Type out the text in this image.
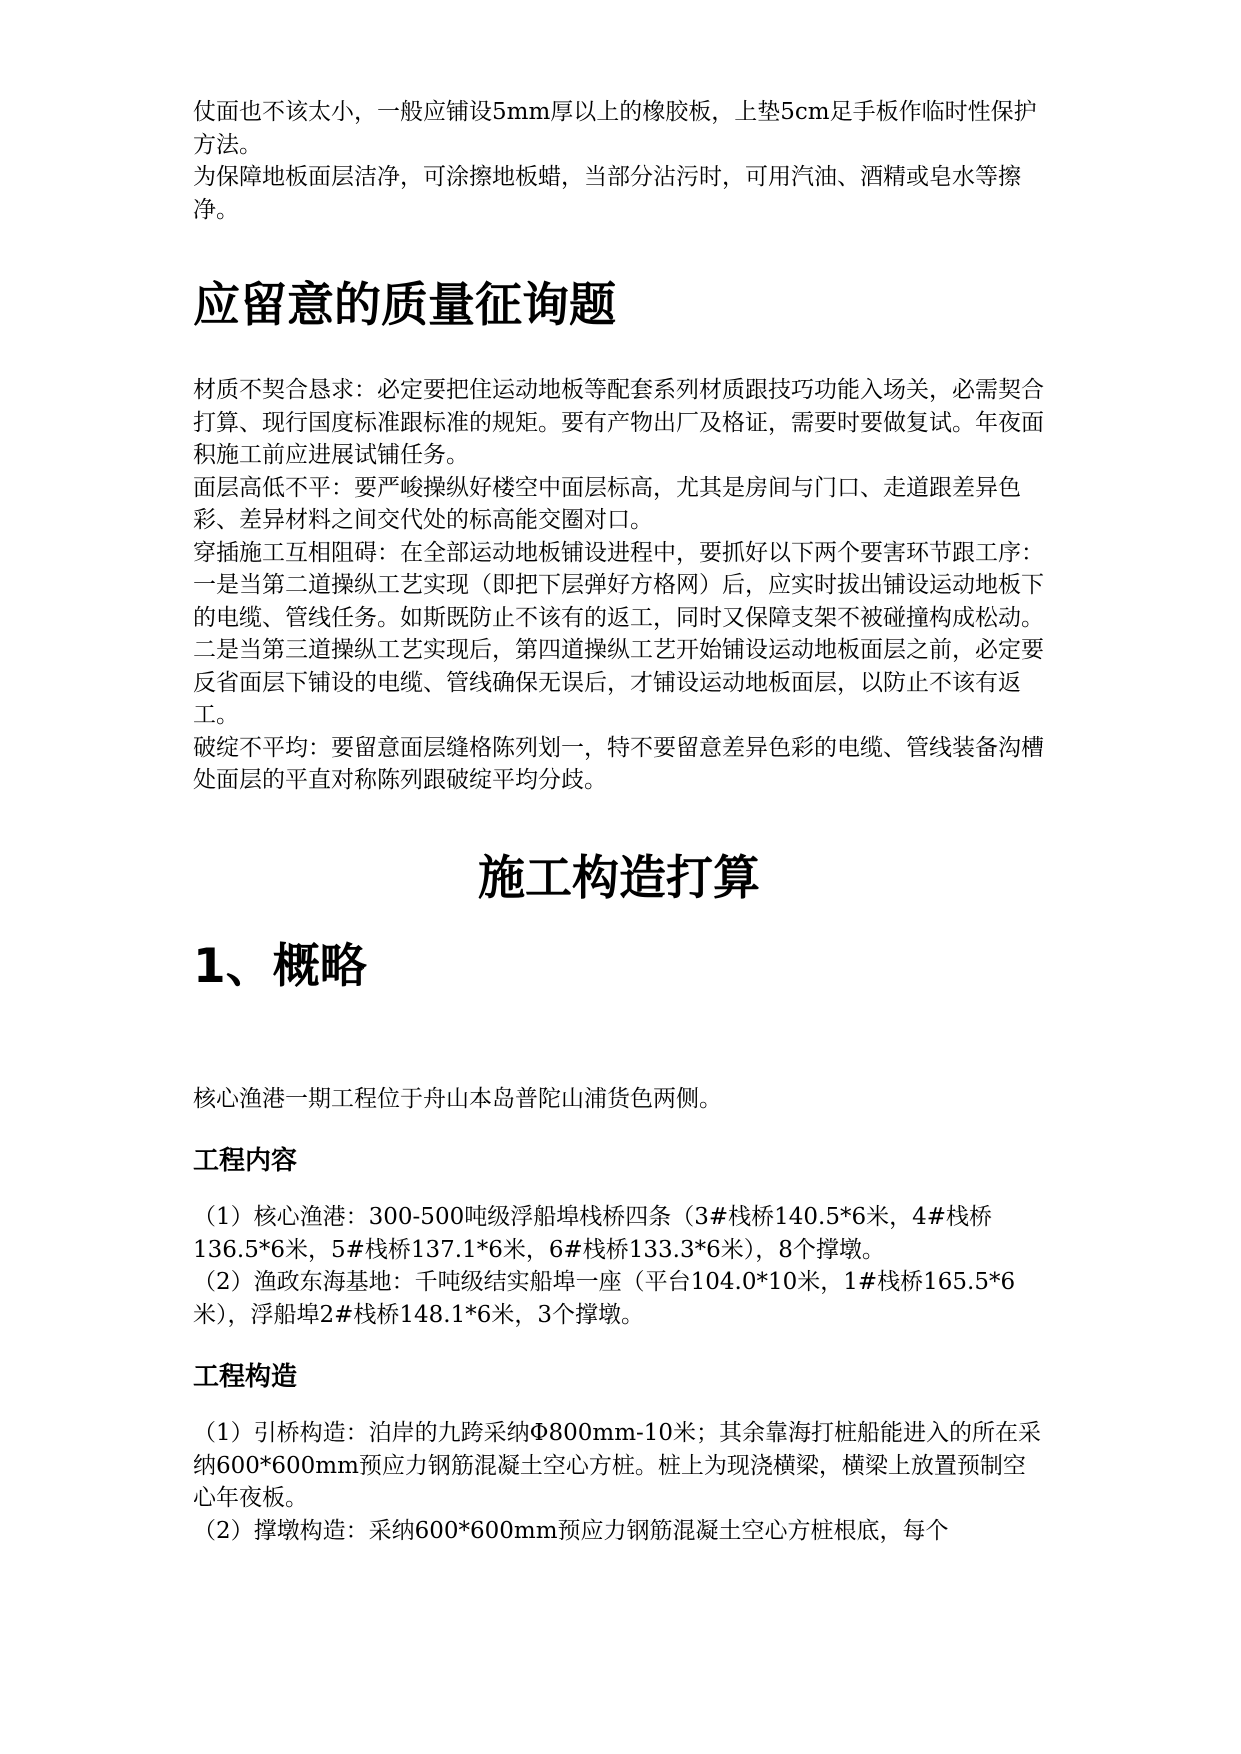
仗面也不该太小，一般应铺设5mm厚以上的橡胶板，上垫5cm足手板作临时性保护方法。

为保障地板面层洁净，可涂擦地板蜡，当部分沾污时，可用汽油、酒精或皂水等擦净。

应留意的质量征询题

材质不契合恳求：必定要把住运动地板等配套系列材质跟技巧功能入场关，必需契合打算、现行国度标准跟标准的规矩。要有产物出厂及格证，需要时要做复试。年夜面积施工前应进展试铺任务。

面层高低不平：要严峻操纵好楼空中面层标高，尤其是房间与门口、走道跟差异色彩、差异材料之间交代处的标高能交圈对口。

穿插施工互相阻碍：在全部运动地板铺设进程中，要抓好以下两个要害环节跟工序：一是当第二道操纵工艺实现（即把下层弹好方格网）后，应实时拔出铺设运动地板下的电缆、管线任务。如斯既防止不该有的返工，同时又保障支架不被碰撞构成松动。二是当第三道操纵工艺实现后，第四道操纵工艺开始铺设运动地板面层之前，必定要反省面层下铺设的电缆、管线确保无误后，才铺设运动地板面层，以防止不该有返工。

破绽不平均：要留意面层缝格陈列划一，特不要留意差异色彩的电缆、管线装备沟槽处面层的平直对称陈列跟破绽平均分歧。

施工构造打算
1、概略

核心渔港一期工程位于舟山本岛普陀山浦货色两侧。

工程内容

（1）核心渔港：300-500吨级浮船埠栈桥四条（3#栈桥140.5*6米，4#栈桥136.5*6米，5#栈桥137.1*6米，6#栈桥133.3*6米），8个撑墩。

（2）渔政东海基地：千吨级结实船埠一座（平台104.0*10米，1#栈桥165.5*6米），浮船埠2#栈桥148.1*6米，3个撑墩。

工程构造

（1）引桥构造：泊岸的九跨采纳Φ800mm-10米；其余靠海打桩船能进入的所在采纳600*600mm预应力钢筋混凝土空心方桩。桩上为现浇横梁，横梁上放置预制空心年夜板。

（2）撑墩构造：采纳600*600mm预应力钢筋混凝土空心方桩根底，每个
